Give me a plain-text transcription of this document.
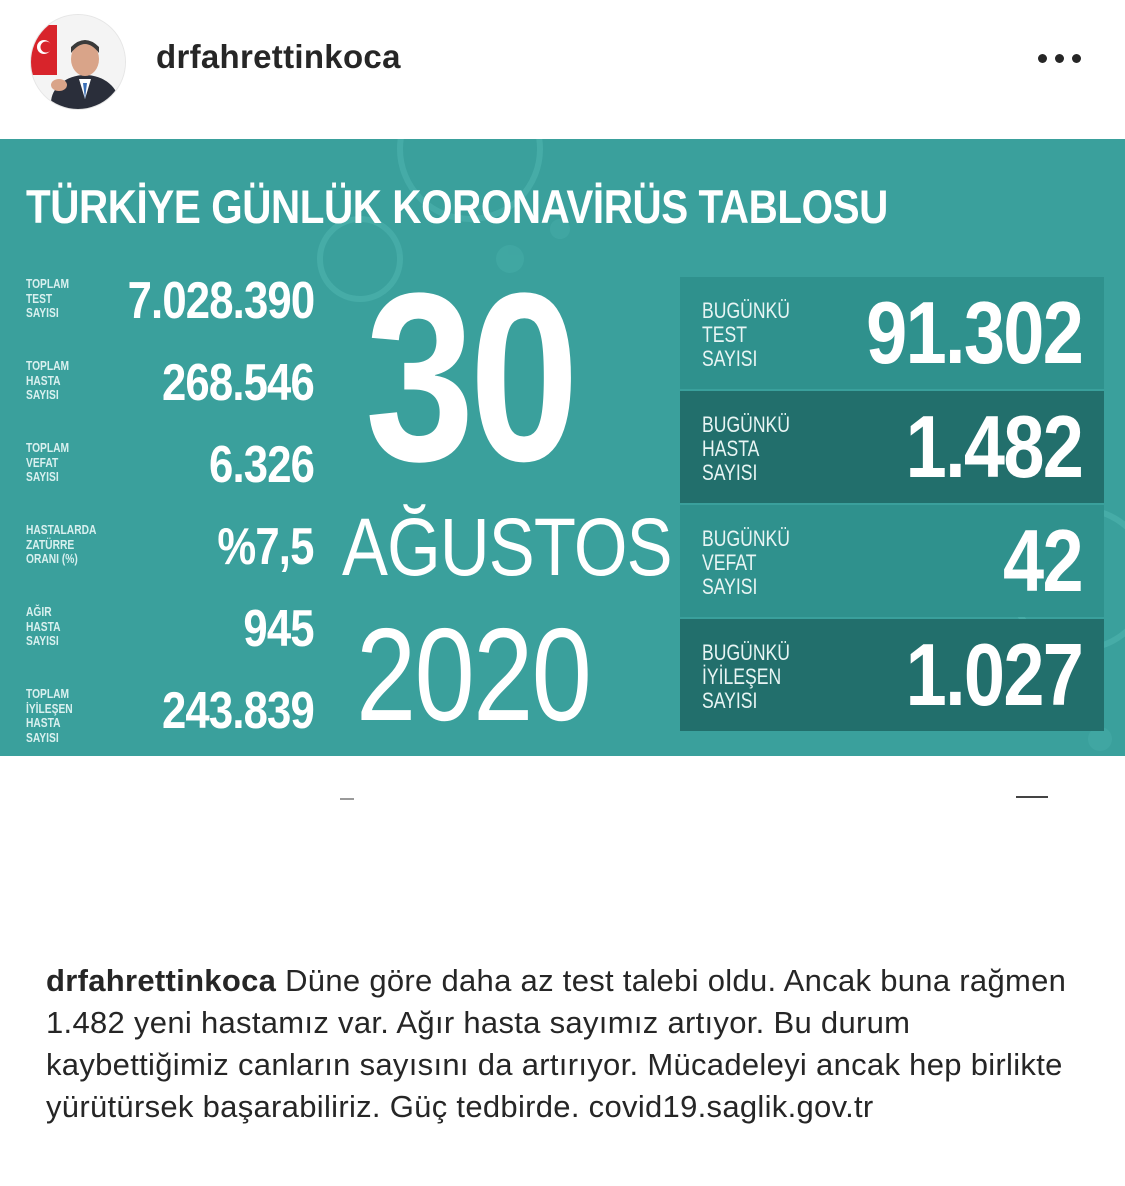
drfahrettinkoca
TÜRKİYE GÜNLÜK KORONAVİRÜS TABLOSU
TOPLAM
TEST
SAYISI	7.028.390
TOPLAM
HASTA
SAYISI	268.546
TOPLAM
VEFAT
SAYISI	6.326
HASTALARDA
ZATÜRRE
ORANI (%)	%7,5
AĞIR
HASTA
SAYISI	945
TOPLAM
İYİLEŞEN
HASTA SAYISI	243.839
30
AĞUSTOS
2020
BUGÜNKÜ
TEST
SAYISI	91.302
BUGÜNKÜ
HASTA
SAYISI	1.482
BUGÜNKÜ
VEFAT
SAYISI	42
BUGÜNKÜ
İYİLEŞEN
SAYISI	1.027
drfahrettinkoca Düne göre daha az test talebi oldu. Ancak buna rağmen 1.482 yeni hastamız var. Ağır hasta sayımız artıyor. Bu durum kaybettiğimiz canların sayısını da artırıyor. Mücadeleyi ancak hep birlikte yürütürsek başarabiliriz. Güç tedbirde. covid19.saglik.gov.tr
